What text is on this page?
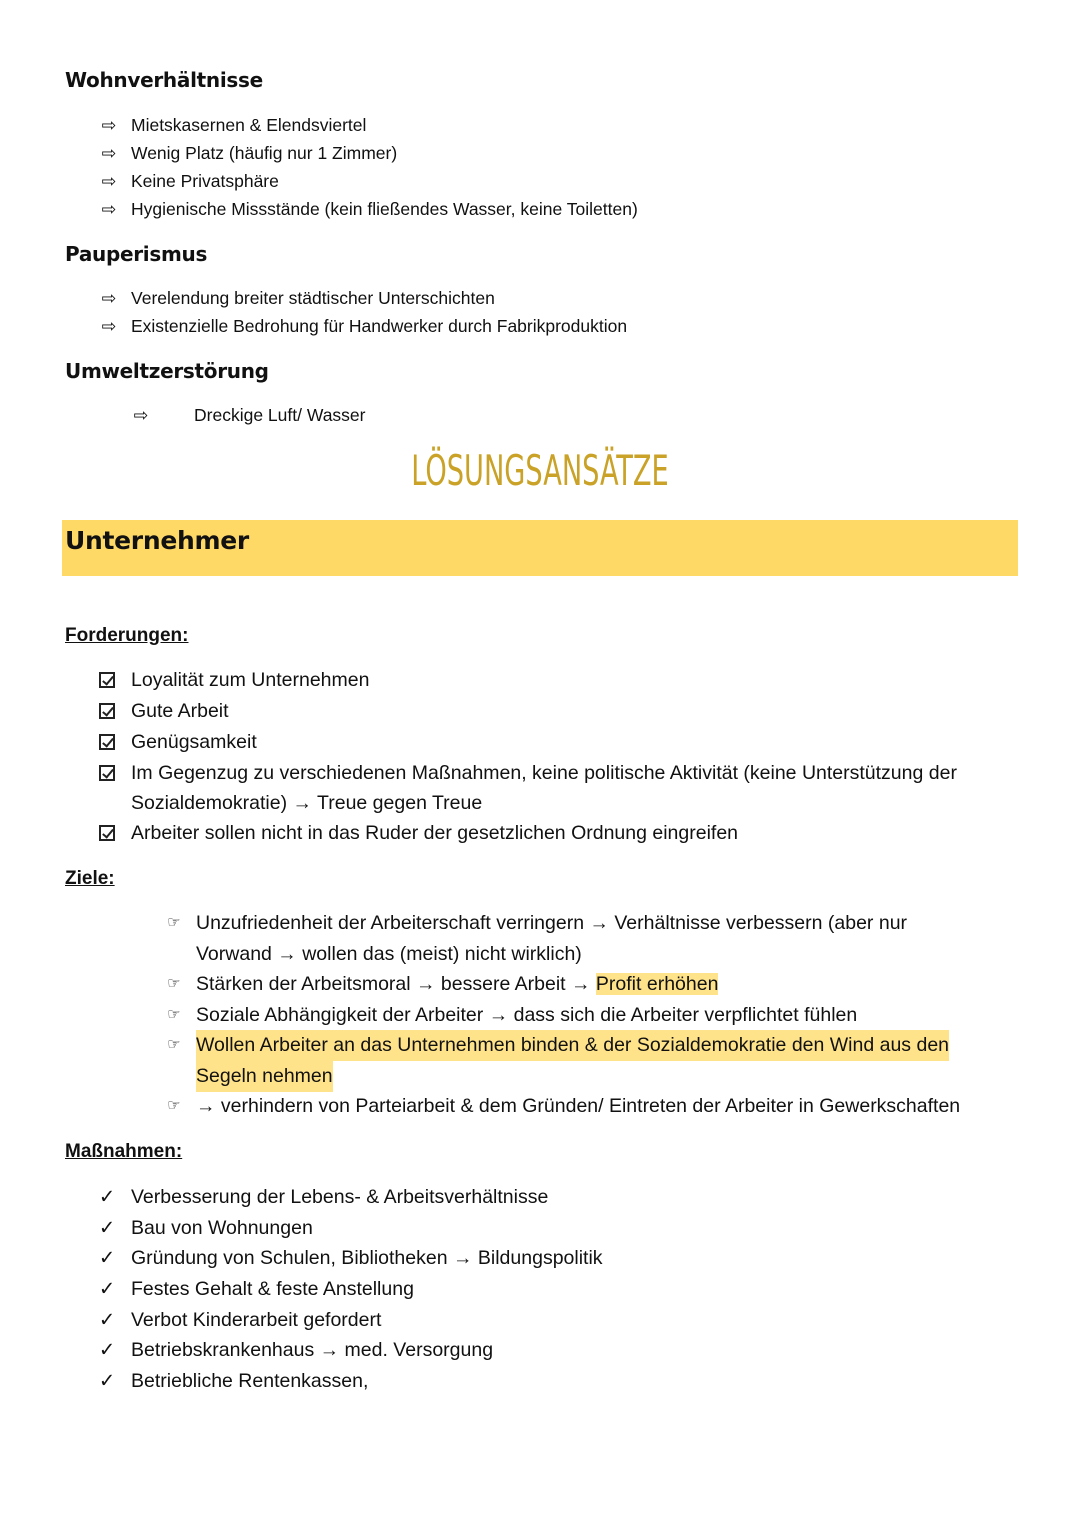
Wohnverhältnisse
⇨ Mietskasernen & Elendsviertel
⇨ Wenig Platz (häufig nur 1 Zimmer)
⇨ Keine Privatsphäre
⇨ Hygienische Missstände (kein fließendes Wasser, keine Toiletten)
Pauperismus
⇨ Verelendung breiter städtischer Unterschichten
⇨ Existenzielle Bedrohung für Handwerker durch Fabrikproduktion
Umweltzerstörung
⇨	Dreckige Luft/ Wasser
LÖSUNGSANSÄTZE
Unternehmer
Forderungen:
Loyalität zum Unternehmen
Gute Arbeit
Genügsamkeit
Im Gegenzug zu verschiedenen Maßnahmen, keine politische Aktivität (keine Unterstützung der
Sozialdemokratie) → Treue gegen Treue
Arbeiter sollen nicht in das Ruder der gesetzlichen Ordnung eingreifen
Ziele:
☞ Unzufriedenheit der Arbeiterschaft verringern → Verhältnisse verbessern (aber nur
Vorwand → wollen das (meist) nicht wirklich)
☞ Stärken der Arbeitsmoral → bessere Arbeit → Profit erhöhen
☞ Soziale Abhängigkeit der Arbeiter → dass sich die Arbeiter verpflichtet fühlen
☞ Wollen Arbeiter an das Unternehmen binden & der Sozialdemokratie den Wind aus den
Segeln nehmen
☞ → verhindern von Parteiarbeit & dem Gründen/ Eintreten der Arbeiter in Gewerkschaften
Maßnahmen:
✓ Verbesserung der Lebens- & Arbeitsverhältnisse
✓ Bau von Wohnungen
✓ Gründung von Schulen, Bibliotheken → Bildungspolitik
✓ Festes Gehalt & feste Anstellung
✓ Verbot Kinderarbeit gefordert
✓ Betriebskrankenhaus → med. Versorgung
✓ Betriebliche Rentenkassen,
